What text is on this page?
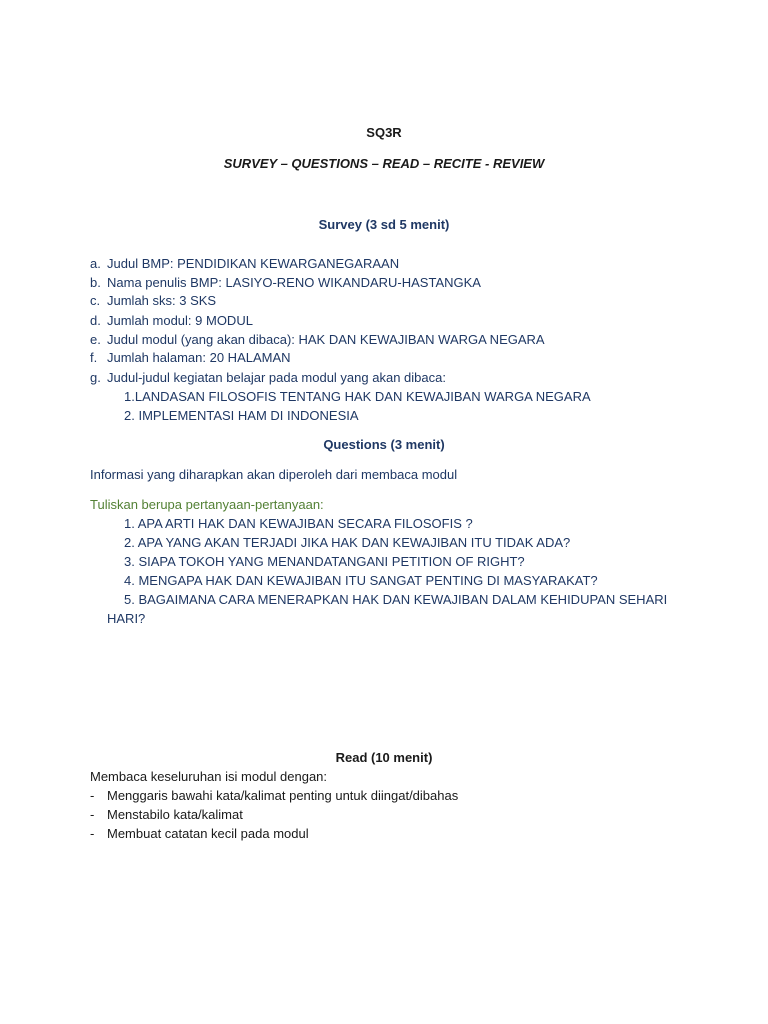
SQ3R
SURVEY – QUESTIONS – READ – RECITE - REVIEW
Survey (3 sd 5 menit)
a. Judul BMP: PENDIDIKAN KEWARGANEGARAAN
b. Nama penulis BMP: LASIYO-RENO WIKANDARU-HASTANGKA
c. Jumlah sks: 3 SKS
d. Jumlah modul: 9 MODUL
e. Judul modul (yang akan dibaca): HAK DAN KEWAJIBAN WARGA NEGARA
f. Jumlah halaman: 20 HALAMAN
g. Judul-judul kegiatan belajar pada modul yang akan dibaca:
1.LANDASAN FILOSOFIS TENTANG HAK DAN KEWAJIBAN WARGA NEGARA
2. IMPLEMENTASI HAM DI INDONESIA
Questions (3 menit)
Informasi yang diharapkan akan diperoleh dari membaca modul
Tuliskan berupa pertanyaan-pertanyaan:
1. APA ARTI HAK DAN KEWAJIBAN SECARA FILOSOFIS ?
2. APA YANG AKAN TERJADI JIKA HAK DAN KEWAJIBAN ITU TIDAK ADA?
3. SIAPA TOKOH YANG MENANDATANGANI PETITION OF RIGHT?
4. MENGAPA HAK DAN KEWAJIBAN ITU SANGAT PENTING DI MASYARAKAT?
5. BAGAIMANA CARA MENERAPKAN HAK DAN KEWAJIBAN DALAM KEHIDUPAN SEHARI
HARI?
Read (10 menit)
Membaca keseluruhan isi modul dengan:
- Menggaris bawahi kata/kalimat penting untuk diingat/dibahas
- Menstabilo kata/kalimat
- Membuat catatan kecil pada modul
